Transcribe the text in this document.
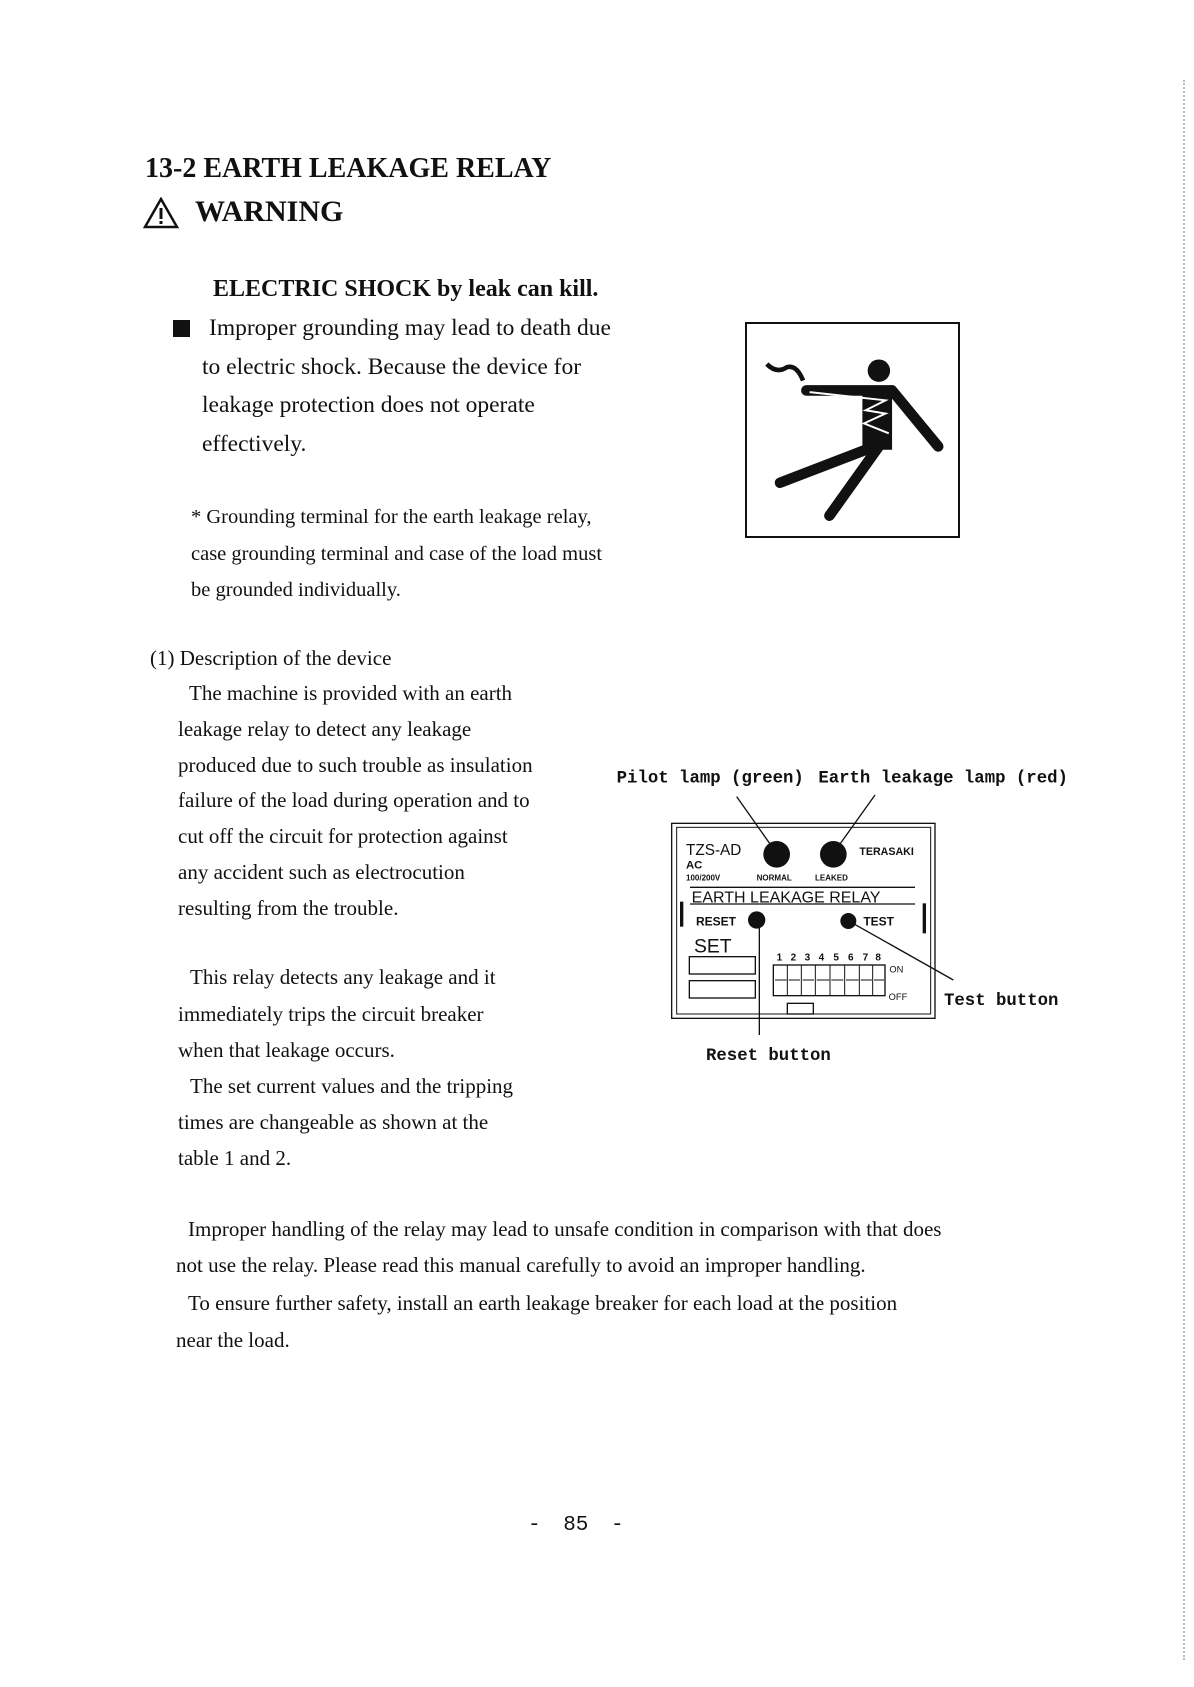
13-2 EARTH LEAKAGE RELAY
WARNING
ELECTRIC SHOCK by leak can kill.
Improper grounding may lead to death due
to electric shock. Because the device for
leakage protection does not operate
effectively.
* Grounding terminal for the earth leakage relay,
case grounding terminal and case of the load must
be grounded individually.
(1) Description of the device
The machine is provided with an earth
leakage relay to detect any leakage
produced due to such trouble as insulation
failure of the load during operation and to
cut off the circuit for protection against
any accident such as electrocution
resulting from the trouble.
This relay detects any leakage and it
immediately trips the circuit breaker
when that leakage occurs.
The set current values and the tripping
times are changeable as shown at the
table 1 and 2.
Pilot lamp (green) Earth leakage lamp (red)
Test button
Reset button
TZS-AD
AC
100/200V NORMAL LEAKED
TERASAKI
EARTH LEAKAGE RELAY
RESET	TEST
SET
ON
OFF
1 2 3 4 5 6 7 8
Improper handling of the relay may lead to unsafe condition in comparison with that does
not use the relay. Please read this manual carefully to avoid an improper handling.
To ensure further safety, install an earth leakage breaker for each load at the position
near the load.
- 85 -
